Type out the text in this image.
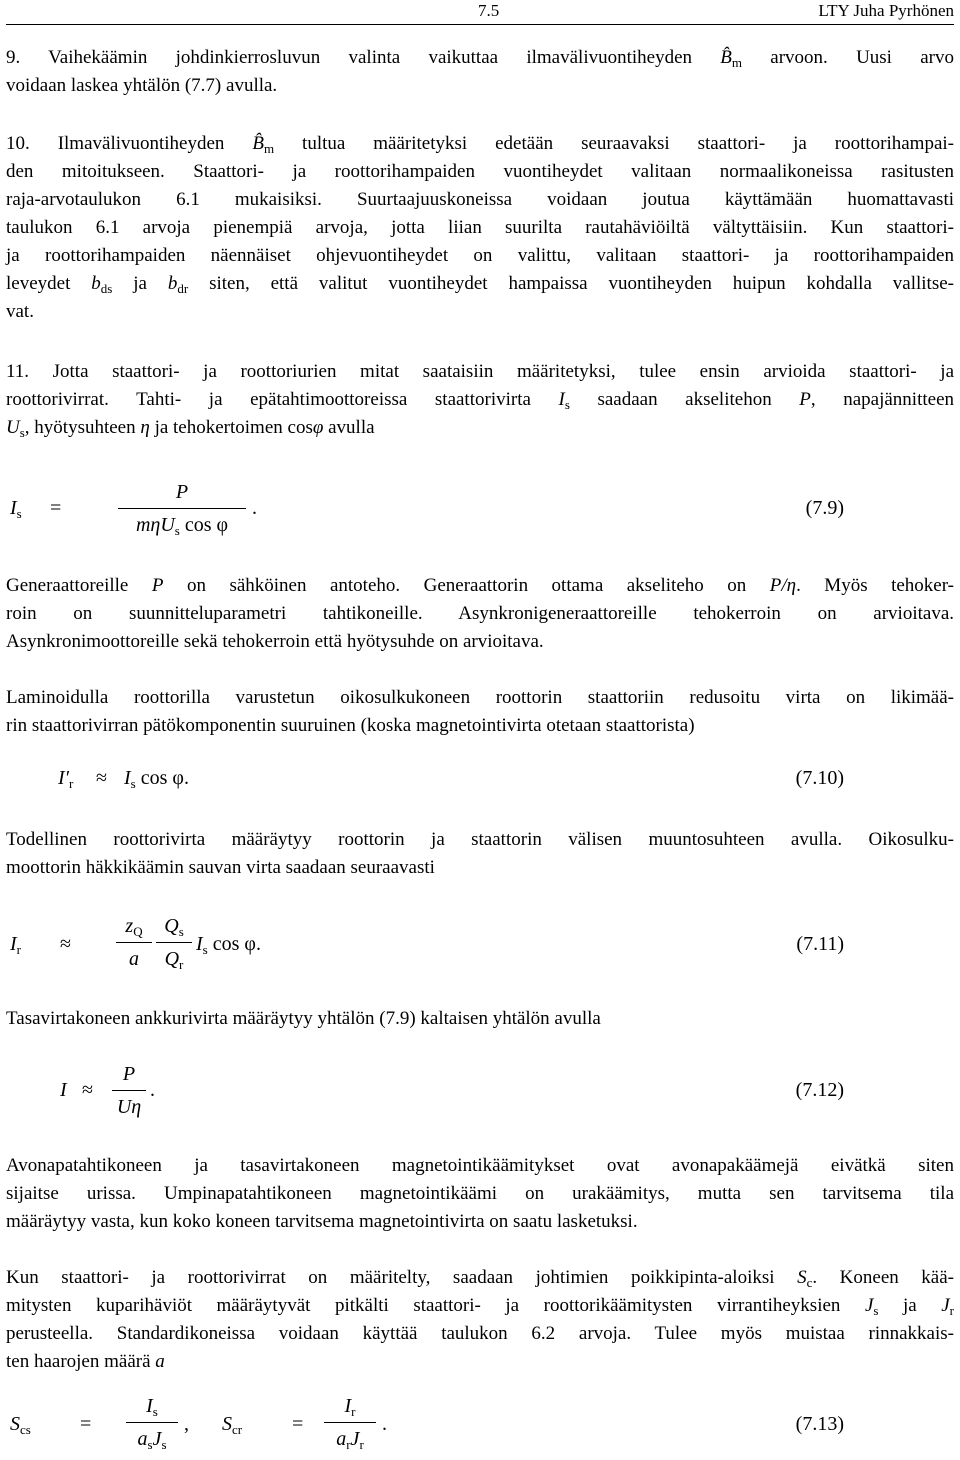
7.5	LTY Juha Pyrhönen
9. Vaihekäämin johdinkierrosluvun valinta vaikuttaa ilmavälivuontiheyden $B̂_m$ arvoon. Uusi arvo
voidaan laskea yhtälön (7.7) avulla.
10. Ilmavälivuontiheyden $B̂_m$ tultua määritetyksi edetään seuraavaksi staattori- ja roottorihampai-
den mitoitukseen. Staattori- ja roottorihampaiden vuontiheydet valitaan normaalikoneissa rasitusten
raja-arvotaulukon 6.1 mukaisiksi. Suurtaajuuskoneissa voidaan joutua käyttämään huomattavasti
taulukon 6.1 arvoja pienempiä arvoja, jotta liian suurilta rautahäviöiltä vältyttäisiin. Kun staattori-
ja roottorihampaiden näennäiset ohjevuontiheydet on valittu, valitaan staattori- ja roottorihampaiden
leveydet $b_{ds}$ ja $b_{dr}$ siten, että valitut vuontiheydet hampaissa vuontiheyden huipun kohdalla vallitse-
vat.
11. Jotta staattori- ja roottoriurien mitat saataisiin määritetyksi, tulee ensin arvioida staattori- ja
roottorivirrat. Tahti- ja epätahtimoottoreissa staattorivirta $I_s$ saadaan akselitehon P, napajännitteen
$U_s$, hyötysuhteen η ja tehokertoimen cosφ avulla
$I_s$ =
P
mηU$_s$ cos φ
.	(7.9)
Generaattoreille P on sähköinen antoteho. Generaattorin ottama akseliteho on P/η. Myös tehoker-
roin on suunnitteluparametri tahtikoneille. Asynkronigeneraattoreille tehokerroin on arvioitava.
Asynkronimoottoreille sekä tehokerroin että hyötysuhde on arvioitava.
Laminoidulla roottorilla varustetun oikosulkukoneen roottorin staattoriin redusoitu virta on likimää-
rin staattorivirran pätökomponentin suuruinen (koska magnetointivirta otetaan staattorista)
$I'_r \approx I_s$ cos φ.	(7.10)
Todellinen roottorivirta määräytyy roottorin ja staattorin välisen muuntosuhteen avulla. Oikosulku-
moottorin häkkikäämin sauvan virta saadaan seuraavasti
$I_r$ ≈
$z_Q$
a
$Q_s$
$Q_r$
$I_s$ cos φ.	(7.11)
Tasavirtakoneen ankkurivirta määräytyy yhtälön (7.9) kaltaisen yhtälön avulla
I ≈
P
Uη
.	(7.12)
Avonapatahtikoneen ja tasavirtakoneen magnetointikäämitykset ovat avonapakäämejä eivätkä siten
sijaitse urissa. Umpinapatahtikoneen magnetointikäämi on urakäämitys, mutta sen tarvitsema tila
määräytyy vasta, kun koko koneen tarvitsema magnetointivirta on saatu lasketuksi.
Kun staattori- ja roottorivirrat on määritelty, saadaan johtimien poikkipinta-aloiksi $S_c$. Koneen kää-
mitysten kuparihäviöt määräytyvät pitkälti staattori- ja roottorikäämitysten virrantiheyksien $J_s$ ja $J_r$
perusteella. Standardikoneissa voidaan käyttää taulukon 6.2 arvoja. Tulee myös muistaa rinnakkais-
ten haarojen määrä a
$S_{cs}$ =
$I_s$
$a_sJ_s$
, $S_{cr}$ =
$I_r$
$a_rJ_r$
.	(7.13)
